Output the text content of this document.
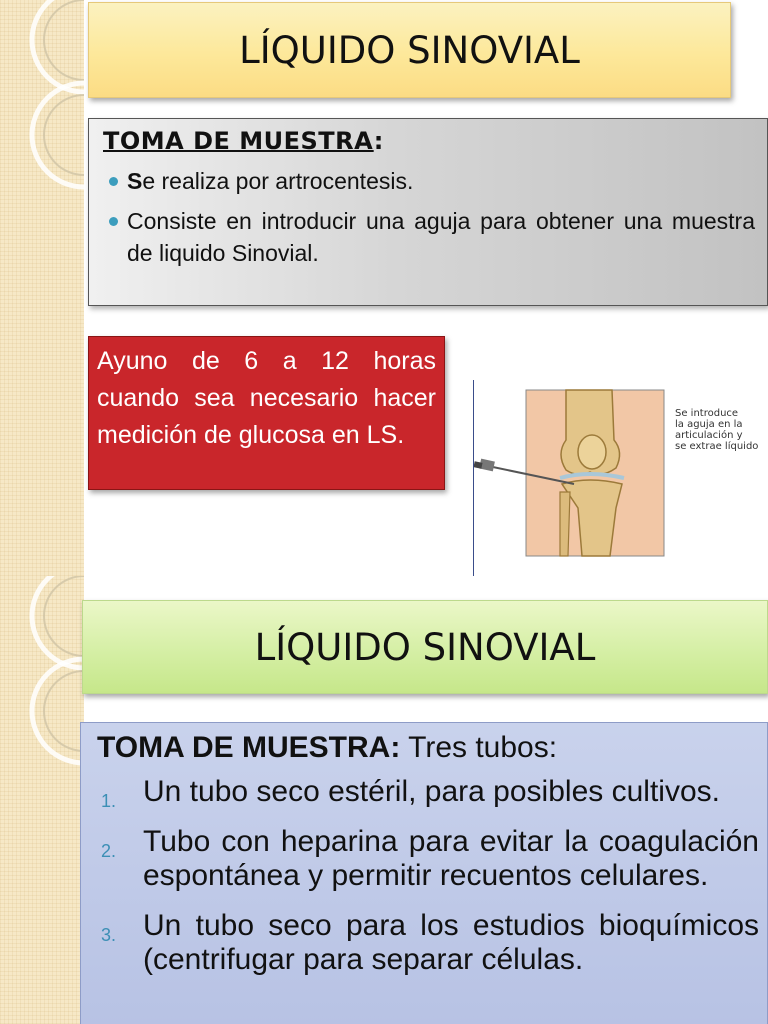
LÍQUIDO SINOVIAL
TOMA DE MUESTRA:
Se realiza por artrocentesis.
Consiste en introducir una aguja para obtener una muestra de liquido Sinovial.
Ayuno de 6 a 12 horas cuando sea necesario hacer medición de glucosa en LS.
Se introduce
la aguja en la
articulación y
se extrae líquido
LÍQUIDO SINOVIAL
TOMA DE MUESTRA: Tres tubos:
1. Un tubo seco estéril, para posibles cultivos.
2. Tubo con heparina para evitar la coagulación espontánea y permitir recuentos celulares.
3. Un tubo seco para los estudios bioquímicos (centrifugar para separar células.
